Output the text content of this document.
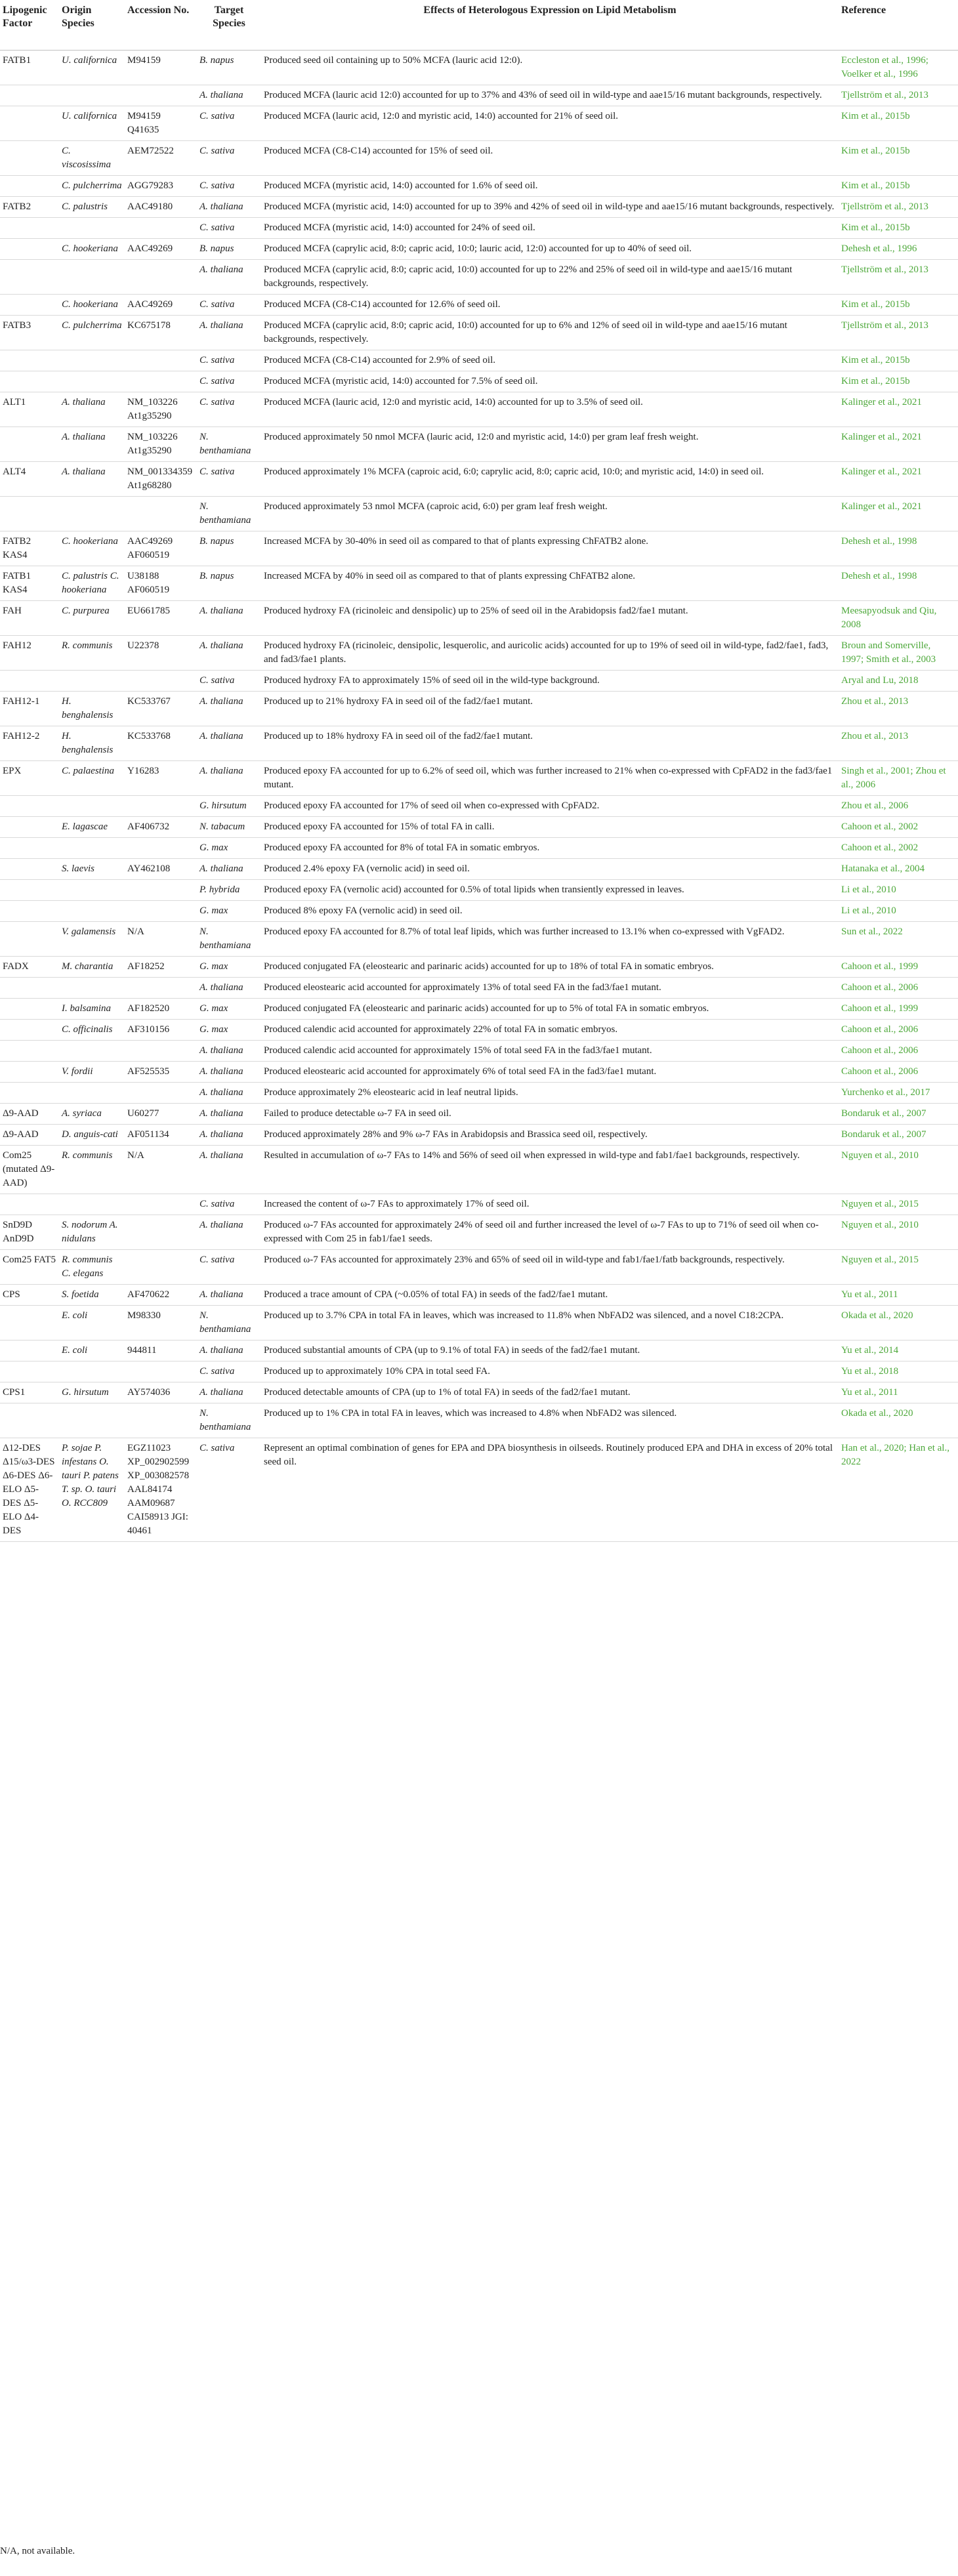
Lipogenic Factor	Origin Species	Accession No.	Target Species	Effects of Heterologous Expression on Lipid Metabolism	Reference
FATB1	U. californica	M94159	B. napus	Produced seed oil containing up to 50% MCFA (lauric acid 12:0).	Eccleston et al., 1996; Voelker et al., 1996
			A. thaliana	Produced MCFA (lauric acid 12:0) accounted for up to 37% and 43% of seed oil in wild-type and aae15/16 mutant backgrounds, respectively.	Tjellström et al., 2013
	U. californica	M94159 Q41635	C. sativa	Produced MCFA (lauric acid, 12:0 and myristic acid, 14:0) accounted for 21% of seed oil.	Kim et al., 2015b
	C. viscosissima	AEM72522	C. sativa	Produced MCFA (C8-C14) accounted for 15% of seed oil.	Kim et al., 2015b
	C. pulcherrima	AGG79283	C. sativa	Produced MCFA (myristic acid, 14:0) accounted for 1.6% of seed oil.	Kim et al., 2015b
FATB2	C. palustris	AAC49180	A. thaliana	Produced MCFA (myristic acid, 14:0) accounted for up to 39% and 42% of seed oil in wild-type and aae15/16 mutant backgrounds, respectively.	Tjellström et al., 2013
			C. sativa	Produced MCFA (myristic acid, 14:0) accounted for 24% of seed oil.	Kim et al., 2015b
	C. hookeriana	AAC49269	B. napus	Produced MCFA (caprylic acid, 8:0; capric acid, 10:0; lauric acid, 12:0) accounted for up to 40% of seed oil.	Dehesh et al., 1996
			A. thaliana	Produced MCFA (caprylic acid, 8:0; capric acid, 10:0) accounted for up to 22% and 25% of seed oil in wild-type and aae15/16 mutant backgrounds, respectively.	Tjellström et al., 2013
	C. hookeriana	AAC49269	C. sativa	Produced MCFA (C8-C14) accounted for 12.6% of seed oil.	Kim et al., 2015b
FATB3	C. pulcherrima	KC675178	A. thaliana	Produced MCFA (caprylic acid, 8:0; capric acid, 10:0) accounted for up to 6% and 12% of seed oil in wild-type and aae15/16 mutant backgrounds, respectively.	Tjellström et al., 2013
			C. sativa	Produced MCFA (C8-C14) accounted for 2.9% of seed oil.	Kim et al., 2015b
			C. sativa	Produced MCFA (myristic acid, 14:0) accounted for 7.5% of seed oil.	Kim et al., 2015b
ALT1	A. thaliana	NM_103226 At1g35290	C. sativa	Produced MCFA (lauric acid, 12:0 and myristic acid, 14:0) accounted for up to 3.5% of seed oil.	Kalinger et al., 2021
	A. thaliana	NM_103226 At1g35290	N. benthamiana	Produced approximately 50 nmol MCFA (lauric acid, 12:0 and myristic acid, 14:0) per gram leaf fresh weight.	Kalinger et al., 2021
ALT4	A. thaliana	NM_001334359 At1g68280	C. sativa	Produced approximately 1% MCFA (caproic acid, 6:0; caprylic acid, 8:0; capric acid, 10:0; and myristic acid, 14:0) in seed oil.	Kalinger et al., 2021
			N. benthamiana	Produced approximately 53 nmol MCFA (caproic acid, 6:0) per gram leaf fresh weight.	Kalinger et al., 2021
FATB2 KAS4	C. hookeriana	AAC49269 AF060519	B. napus	Increased MCFA by 30-40% in seed oil as compared to that of plants expressing ChFATB2 alone.	Dehesh et al., 1998
FATB1 KAS4	C. palustris C. hookeriana	U38188 AF060519	B. napus	Increased MCFA by 40% in seed oil as compared to that of plants expressing ChFATB2 alone.	Dehesh et al., 1998
FAH	C. purpurea	EU661785	A. thaliana	Produced hydroxy FA (ricinoleic and densipolic) up to 25% of seed oil in the Arabidopsis fad2/fae1 mutant.	Meesapyodsuk and Qiu, 2008
FAH12	R. communis	U22378	A. thaliana	Produced hydroxy FA (ricinoleic, densipolic, lesquerolic, and auricolic acids) accounted for up to 19% of seed oil in wild-type, fad2/fae1, fad3, and fad3/fae1 plants.	Broun and Somerville, 1997; Smith et al., 2003
			C. sativa	Produced hydroxy FA to approximately 15% of seed oil in the wild-type background.	Aryal and Lu, 2018
FAH12-1	H. benghalensis	KC533767	A. thaliana	Produced up to 21% hydroxy FA in seed oil of the fad2/fae1 mutant.	Zhou et al., 2013
FAH12-2	H. benghalensis	KC533768	A. thaliana	Produced up to 18% hydroxy FA in seed oil of the fad2/fae1 mutant.	Zhou et al., 2013
EPX	C. palaestina	Y16283	A. thaliana	Produced epoxy FA accounted for up to 6.2% of seed oil, which was further increased to 21% when co-expressed with CpFAD2 in the fad3/fae1 mutant.	Singh et al., 2001; Zhou et al., 2006
			G. hirsutum	Produced epoxy FA accounted for 17% of seed oil when co-expressed with CpFAD2.	Zhou et al., 2006
	E. lagascae	AF406732	N. tabacum	Produced epoxy FA accounted for 15% of total FA in calli.	Cahoon et al., 2002
			G. max	Produced epoxy FA accounted for 8% of total FA in somatic embryos.	Cahoon et al., 2002
	S. laevis	AY462108	A. thaliana	Produced 2.4% epoxy FA (vernolic acid) in seed oil.	Hatanaka et al., 2004
			P. hybrida	Produced epoxy FA (vernolic acid) accounted for 0.5% of total lipids when transiently expressed in leaves.	Li et al., 2010
			G. max	Produced 8% epoxy FA (vernolic acid) in seed oil.	Li et al., 2010
	V. galamensis	N/A	N. benthamiana	Produced epoxy FA accounted for 8.7% of total leaf lipids, which was further increased to 13.1% when co-expressed with VgFAD2.	Sun et al., 2022
FADX	M. charantia	AF18252	G. max	Produced conjugated FA (eleostearic and parinaric acids) accounted for up to 18% of total FA in somatic embryos.	Cahoon et al., 1999
			A. thaliana	Produced eleostearic acid accounted for approximately 13% of total seed FA in the fad3/fae1 mutant.	Cahoon et al., 2006
	I. balsamina	AF182520	G. max	Produced conjugated FA (eleostearic and parinaric acids) accounted for up to 5% of total FA in somatic embryos.	Cahoon et al., 1999
	C. officinalis	AF310156	G. max	Produced calendic acid accounted for approximately 22% of total FA in somatic embryos.	Cahoon et al., 2006
			A. thaliana	Produced calendic acid accounted for approximately 15% of total seed FA in the fad3/fae1 mutant.	Cahoon et al., 2006
	V. fordii	AF525535	A. thaliana	Produced eleostearic acid accounted for approximately 6% of total seed FA in the fad3/fae1 mutant.	Cahoon et al., 2006
			A. thaliana	Produce approximately 2% eleostearic acid in leaf neutral lipids.	Yurchenko et al., 2017
Δ9-AAD	A. syriaca	U60277	A. thaliana	Failed to produce detectable ω-7 FA in seed oil.	Bondaruk et al., 2007
Δ9-AAD	D. anguis-cati	AF051134	A. thaliana	Produced approximately 28% and 9% ω-7 FAs in Arabidopsis and Brassica seed oil, respectively.	Bondaruk et al., 2007
Com25 (mutated Δ9-AAD)	R. communis	N/A	A. thaliana	Resulted in accumulation of ω-7 FAs to 14% and 56% of seed oil when expressed in wild-type and fab1/fae1 backgrounds, respectively.	Nguyen et al., 2010
			C. sativa	Increased the content of ω-7 FAs to approximately 17% of seed oil.	Nguyen et al., 2015
SnD9D AnD9D	S. nodorum A. nidulans		A. thaliana	Produced ω-7 FAs accounted for approximately 24% of seed oil and further increased the level of ω-7 FAs to up to 71% of seed oil when co-expressed with Com 25 in fab1/fae1 seeds.	Nguyen et al., 2010
Com25 FAT5	R. communis C. elegans		C. sativa	Produced ω-7 FAs accounted for approximately 23% and 65% of seed oil in wild-type and fab1/fae1/fatb backgrounds, respectively.	Nguyen et al., 2015
CPS	S. foetida	AF470622	A. thaliana	Produced a trace amount of CPA (~0.05% of total FA) in seeds of the fad2/fae1 mutant.	Yu et al., 2011
	E. coli	M98330	N. benthamiana	Produced up to 3.7% CPA in total FA in leaves, which was increased to 11.8% when NbFAD2 was silenced, and a novel C18:2CPA.	Okada et al., 2020
	E. coli	944811	A. thaliana	Produced substantial amounts of CPA (up to 9.1% of total FA) in seeds of the fad2/fae1 mutant.	Yu et al., 2014
			C. sativa	Produced up to approximately 10% CPA in total seed FA.	Yu et al., 2018
CPS1	G. hirsutum	AY574036	A. thaliana	Produced detectable amounts of CPA (up to 1% of total FA) in seeds of the fad2/fae1 mutant.	Yu et al., 2011
			N. benthamiana	Produced up to 1% CPA in total FA in leaves, which was increased to 4.8% when NbFAD2 was silenced.	Okada et al., 2020
Δ12-DES Δ15/ω3-DES Δ6-DES Δ6-ELO Δ5-DES Δ5-ELO Δ4-DES	P. sojae P. infestans O. tauri P. patens T. sp. O. tauri O. RCC809	EGZ11023 XP_002902599 XP_003082578 AAL84174 AAM09687 CAI58913 JGI: 40461	C. sativa	Represent an optimal combination of genes for EPA and DPA biosynthesis in oilseeds. Routinely produced EPA and DHA in excess of 20% total seed oil.	Han et al., 2020; Han et al., 2022
N/A, not available.
